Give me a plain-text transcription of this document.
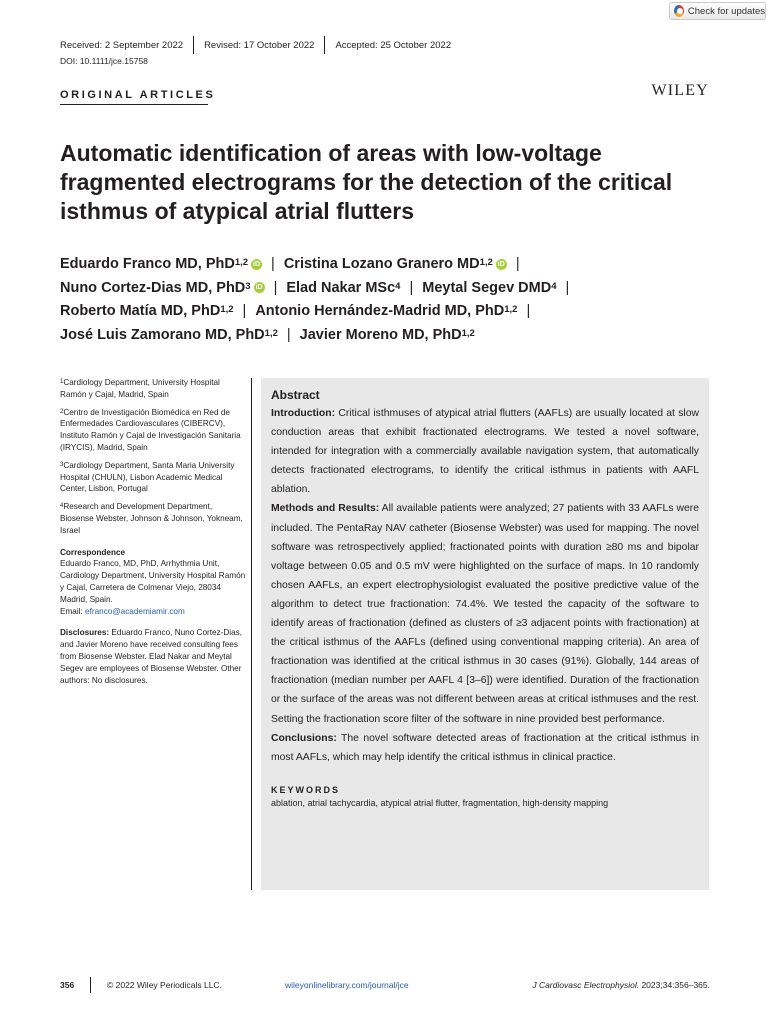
Check for updates
Received: 2 September 2022	Revised: 17 October 2022	Accepted: 25 October 2022
DOI: 10.1111/jce.15758
ORIGINAL ARTICLES	WILEY
Automatic identification of areas with low-voltage fragmented electrograms for the detection of the critical isthmus of atypical atrial flutters
Eduardo Franco MD, PhD$^{1,2}$ iD | Cristina Lozano Granero MD$^{1,2}$ iD |
Nuno Cortez-Dias MD, PhD$^3$ iD | Elad Nakar MSc$^4$ | Meytal Segev DMD$^4$ |
Roberto Matía MD, PhD$^{1,2}$ | Antonio Hernández-Madrid MD, PhD$^{1,2}$ |
José Luis Zamorano MD, PhD$^{1,2}$ | Javier Moreno MD, PhD$^{1,2}$
$^1$Cardiology Department, University Hospital Ramón y Cajal, Madrid, Spain
$^2$Centro de Investigación Biomédica en Red de Enfermedades Cardiovasculares (CIBERCV), Instituto Ramón y Cajal de Investigación Sanitaria (IRYCIS), Madrid, Spain
$^3$Cardiology Department, Santa Maria University Hospital (CHULN), Lisbon Academic Medical Center, Lisbon, Portugal
$^4$Research and Development Department, Biosense Webster, Johnson & Johnson, Yokneam, Israel
Correspondence
Eduardo Franco, MD, PhD, Arrhythmia Unit, Cardiology Department, University Hospital Ramón y Cajal, Carretera de Colmenar Viejo, 28034 Madrid, Spain.
Email: efranco@academiamir.com
Disclosures: Eduardo Franco, Nuno Cortez-Dias, and Javier Moreno have received consulting fees from Biosense Webster. Elad Nakar and Meytal Segev are employees of Biosense Webster. Other authors: No disclosures.
Abstract

Introduction: Critical isthmuses of atypical atrial flutters (AAFLs) are usually located at slow conduction areas that exhibit fractionated electrograms. We tested a novel software, intended for integration with a commercially available navigation system, that automatically detects fractionated electrograms, to identify the critical isthmus in patients with AAFL ablation.

Methods and Results: All available patients were analyzed; 27 patients with 33 AAFLs were included. The PentaRay NAV catheter (Biosense Webster) was used for mapping. The novel software was retrospectively applied; fractionated points with duration ≥80 ms and bipolar voltage between 0.05 and 0.5 mV were highlighted on the surface of maps. In 10 randomly chosen AAFLs, an expert electrophysiologist evaluated the positive predictive value of the algorithm to detect true fractionation: 74.4%. We tested the capacity of the software to identify areas of fractionation (defined as clusters of ≥3 adjacent points with fractionation) at the critical isthmus of the AAFLs (defined using conventional mapping criteria). An area of fractionation was identified at the critical isthmus in 30 cases (91%). Globally, 144 areas of fractionation (median number per AAFL 4 [3–6]) were identified. Duration of the fractionation or the surface of the areas was not different between areas at critical isthmuses and the rest. Setting the fractionation score filter of the software in nine provided best performance.

Conclusions: The novel software detected areas of fractionation at the critical isthmus in most AAFLs, which may help identify the critical isthmus in clinical practice.

KEYWORDS
ablation, atrial tachycardia, atypical atrial flutter, fragmentation, high-density mapping
356	© 2022 Wiley Periodicals LLC.	wileyonlinelibrary.com/journal/jce	J Cardiovasc Electrophysiol. 2023;34:356–365.
